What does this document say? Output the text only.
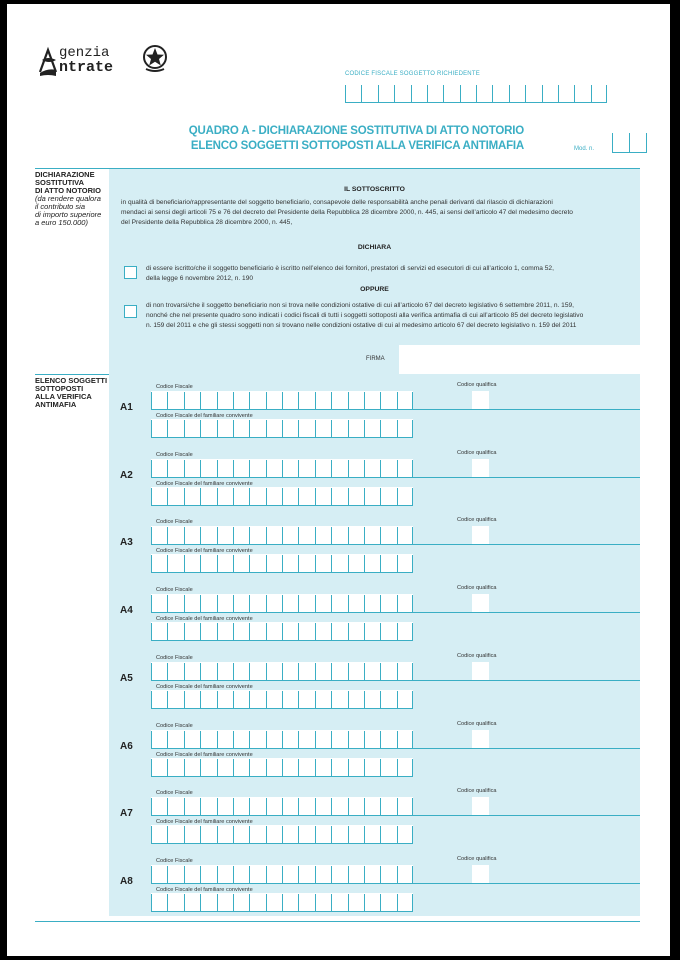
genzia
ntrate	CODICE FISCALE SOGGETTO RICHIEDENTE
QUADRO A - DICHIARAZIONE SOSTITUTIVA DI ATTO NOTORIO
ELENCO SOGGETTI SOTTOPOSTI ALLA VERIFICA ANTIMAFIA	Mod. n.
DICHIARAZIONE
SOSTITUTIVA
DI ATTO NOTORIO
(da rendere qualora
il contributo sia
di importo superiore
a euro 150.000)
IL SOTTOSCRITTO
in qualità di beneficiario/rappresentante del soggetto beneficiario, consapevole delle responsabilità anche penali derivanti dal rilascio di dichiarazioni
mendaci ai sensi degli articoli 75 e 76 del decreto del Presidente della Repubblica 28 dicembre 2000, n. 445, ai sensi dell’articolo 47 del medesimo decreto
del Presidente della Repubblica 28 dicembre 2000, n. 445,
DICHIARA
di essere iscritto/che il soggetto beneficiario è iscritto nell’elenco dei fornitori, prestatori di servizi ed esecutori di cui all’articolo 1, comma 52,
della legge 6 novembre 2012, n. 190
OPPURE
di non trovarsi/che il soggetto beneficiario non si trova nelle condizioni ostative di cui all’articolo 67 del decreto legislativo 6 settembre 2011, n. 159,
nonché che nel presente quadro sono indicati i codici fiscali di tutti i soggetti sottoposti alla verifica antimafia di cui all’articolo 85 del decreto legislativo
n. 159 del 2011 e che gli stessi soggetti non si trovano nelle condizioni ostative di cui al medesimo articolo 67 del decreto legislativo n. 159 del 2011
FIRMA
ELENCO SOGGETTI
SOTTOPOSTI
ALLA VERIFICA
ANTIMAFIA	A1
Codice Fiscale	Codice qualifica
Codice Fiscale del familiare convivente
A2
Codice Fiscale	Codice qualifica
Codice Fiscale del familiare convivente
A3
Codice Fiscale	Codice qualifica
Codice Fiscale del familiare convivente
A4
Codice Fiscale	Codice qualifica
Codice Fiscale del familiare convivente
A5
Codice Fiscale	Codice qualifica
Codice Fiscale del familiare convivente
A6
Codice Fiscale	Codice qualifica
Codice Fiscale del familiare convivente
A7
Codice Fiscale	Codice qualifica
Codice Fiscale del familiare convivente
A8
Codice Fiscale	Codice qualifica
Codice Fiscale del familiare convivente
